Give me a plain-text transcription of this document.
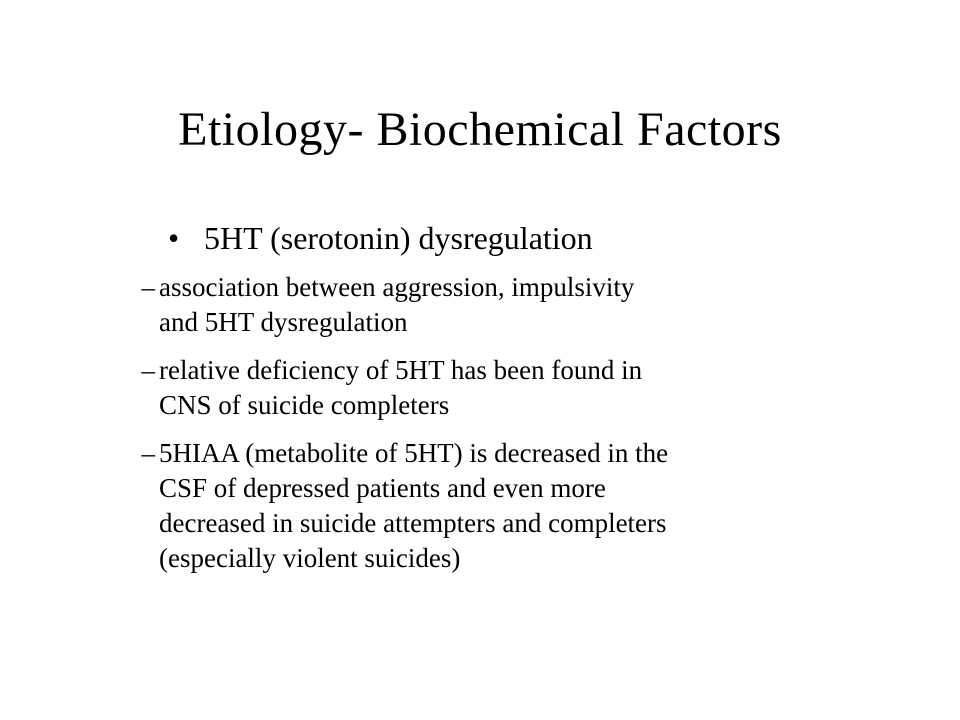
Etiology- Biochemical Factors
• 5HT (serotonin) dysregulation
– association between aggression, impulsivity
and 5HT dysregulation
– relative deficiency of 5HT has been found in
CNS of suicide completers
– 5HIAA (metabolite of 5HT) is decreased in the
CSF of depressed patients and even more
decreased in suicide attempters and completers
(especially violent suicides)
